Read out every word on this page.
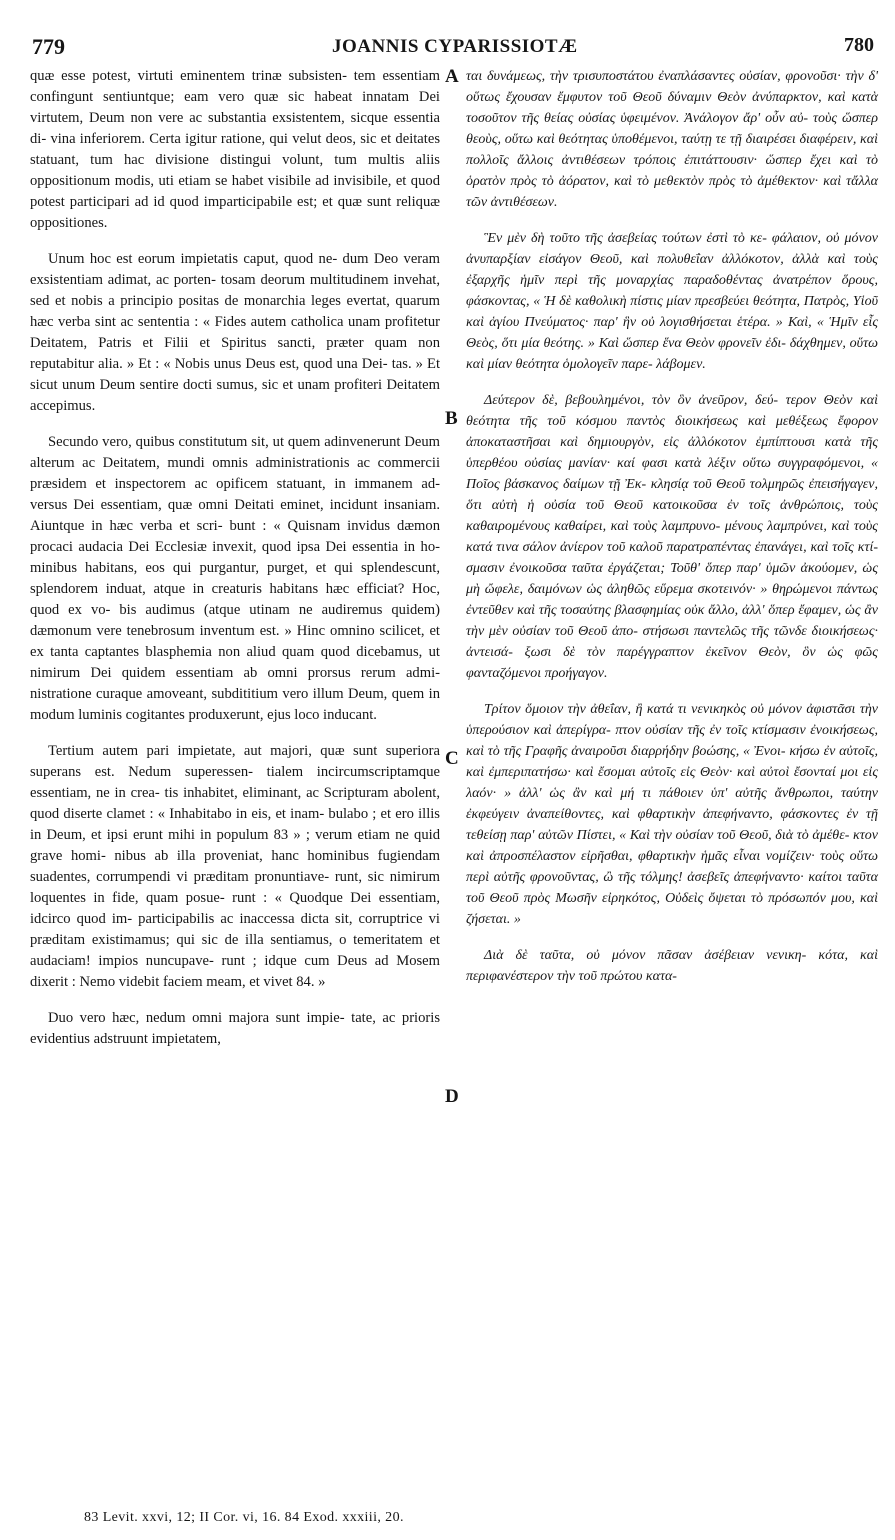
779	JOANNIS CYPARISSIOTÆ	780

quæ esse potest, virtuti eminentem trinæ subsisten- tem essentiam confingunt sentiuntque; eam vero quæ sic habeat innatam Dei virtutem, Deum non vere ac substantia exsistentem, sicque essentia di- vina inferiorem. Certa igitur ratione, qui velut deos, sic et deitates statuant, tum hac divisione distingui volunt, tum multis aliis oppositionum modis, uti etiam se habet visibile ad invisibile, et quod potest participari ad id quod imparticipabile est; et quæ sunt reliquæ oppositiones.

Unum hoc est eorum impietatis caput, quod ne- dum Deo veram exsistentiam adimat, ac porten- tosam deorum multitudinem invehat, sed et nobis a principio positas de monarchia leges evertat, quarum hæc verba sint ac sententia : « Fides autem catholica unam profitetur Deitatem, Patris et Filii et Spiritus sancti, præter quam non reputabitur alia. » Et : « Nobis unus Deus est, quod una Dei- tas. » Et sicut unum Deum sentire docti sumus, sic et unam profiteri Deitatem accepimus.

Secundo vero, quibus constitutum sit, ut quem adinvenerunt Deum alterum ac Deitatem, mundi omnis administrationis ac commercii præsidem et inspectorem ac opificem statuant, in immanem ad- versus Dei essentiam, quæ omni Deitati eminet, incidunt insaniam. Aiuntque in hæc verba et scri- bunt : « Quisnam invidus dæmon procaci audacia Dei Ecclesiæ invexit, quod ipsa Dei essentia in ho- minibus habitans, eos qui purgantur, purget, et qui splendescunt, splendorem induat, atque in creaturis habitans hæc efficiat? Hoc, quod ex vo- bis audimus (atque utinam ne audiremus quidem) dæmonum vere tenebrosum inventum est. » Hinc omnino scilicet, et ex tanta captantes blasphemia non aliud quam quod dicebamus, ut nimirum Dei quidem essentiam ab omni prorsus rerum admi- nistratione curaque amoveant, subdititium vero illum Deum, quem in modum luminis cogitantes produxerunt, ejus loco inducant.

Tertium autem pari impietate, aut majori, quæ sunt superiora superans est. Nedum superessen- tialem incircumscriptamque essentiam, ne in crea- tis inhabitet, eliminant, ac Scripturam abolent, quod diserte clamet : « Inhabitabo in eis, et inam- bulabo ; et ero illis in Deum, et ipsi erunt mihi in populum 83 » ; verum etiam ne quid grave homi- nibus ab illa proveniat, hanc hominibus fugiendam suadentes, corrumpendi vi præditam pronuntiave- runt, sic nimirum loquentes in fide, quam posue- runt : « Quodque Dei essentiam, idcirco quod im- participabilis ac inaccessa dicta sit, corruptrice vi præditam existimamus; qui sic de illa sentiamus, o temeritatem et audaciam! impios nuncupave- runt ; idque cum Deus ad Mosem dixerit : Nemo videbit faciem meam, et vivet 84. »

Duo vero hæc, nedum omni majora sunt impie- tate, ac prioris evidentius adstruunt impietatem,

A
B
C
D

ται δυνάμεως, τὴν τρισυποστάτου ἐναπλάσαντες οὐσίαν, φρονοῦσι· τὴν δ' οὕτως ἔχουσαν ἔμφυτον τοῦ Θεοῦ δύναμιν Θεὸν ἀνύπαρκτον, καὶ κατὰ τοσοῦτον τῆς θείας οὐσίας ὑφειμένον. Ἀνάλογον ἄρ' οὖν αὐ- τοὺς ὥσπερ θεοὺς, οὕτω καὶ θεότητας ὑποθέμενοι, ταύτῃ τε τῇ διαιρέσει διαφέρειν, καὶ πολλοῖς ἄλλοις ἀντιθέσεων τρόποις ἐπιτάττουσιν· ὥσπερ ἔχει καὶ τὸ ὁρατὸν πρὸς τὸ ἀόρατον, καὶ τὸ μεθεκτὸν πρὸς τὸ ἀμέθεκτον· καὶ τἄλλα τῶν ἀντιθέσεων.

Ἓν μὲν δὴ τοῦτο τῆς ἀσεβείας τούτων ἐστὶ τὸ κε- φάλαιον, οὐ μόνον ἀνυπαρξίαν εἰσάγον Θεοῦ, καὶ πολυθεΐαν ἀλλόκοτον, ἀλλὰ καὶ τοὺς ἐξαρχῆς ἡμῖν περὶ τῆς μοναρχίας παραδοθέντας ἀνατρέπον ὅρους, φάσκοντας, « Ἡ δὲ καθολικὴ πίστις μίαν πρεσβεύει θεότητα, Πατρὸς, Υἱοῦ καὶ ἁγίου Πνεύματος· παρ' ἣν οὐ λογισθήσεται ἑτέρα. » Καὶ, « Ἡμῖν εἷς Θεὸς, ὅτι μία θεότης. » Καὶ ὥσπερ ἕνα Θεὸν φρονεῖν ἐδι- δάχθημεν, οὕτω καὶ μίαν θεότητα ὁμολογεῖν παρε- λάβομεν.

Δεύτερον δὲ, βεβουλημένοι, τὸν ὃν ἀνεῦρον, δεύ- τερον Θεὸν καὶ θεότητα τῆς τοῦ κόσμου παντὸς διοικήσεως καὶ μεθέξεως ἔφορον ἀποκαταστῆσαι καὶ δημιουργὸν, εἰς ἀλλόκοτον ἐμπίπτουσι κατὰ τῆς ὑπερθέου οὐσίας μανίαν· καί φασι κατὰ λέξιν οὕτω συγγραφόμενοι, « Ποῖος βάσκανος δαίμων τῇ Ἐκ- κλησίᾳ τοῦ Θεοῦ τολμηρῶς ἐπεισήγαγεν, ὅτι αὐτὴ ἡ οὐσία τοῦ Θεοῦ κατοικοῦσα ἐν τοῖς ἀνθρώποις, τοὺς καθαιρομένους καθαίρει, καὶ τοὺς λαμπρυνο- μένους λαμπρύνει, καὶ τοὺς κατά τινα σάλον ἀνίερον τοῦ καλοῦ παρατραπέντας ἐπανάγει, καὶ τοῖς κτί- σμασιν ἐνοικοῦσα ταῦτα ἐργάζεται; Τοῦθ' ὅπερ παρ' ὑμῶν ἀκούομεν, ὡς μὴ ὤφελε, δαιμόνων ὡς ἀληθῶς εὕρεμα σκοτεινόν· » θηρώμενοι πάντως ἐντεῦθεν καὶ τῆς τοσαύτης βλασφημίας οὐκ ἄλλο, ἀλλ' ὅπερ ἔφαμεν, ὡς ἂν τὴν μὲν οὐσίαν τοῦ Θεοῦ ἀπο- στήσωσι παντελῶς τῆς τῶνδε διοικήσεως· ἀντεισά- ξωσι δὲ τὸν παρέγγραπτον ἐκεῖνον Θεὸν, ὃν ὡς φῶς φανταζόμενοι προήγαγον.

Τρίτον ὅμοιον τὴν ἀθεΐαν, ἢ κατά τι νενικηκὸς οὐ μόνον ἀφιστᾶσι τὴν ὑπερούσιον καὶ ἀπερίγρα- πτον οὐσίαν τῆς ἐν τοῖς κτίσμασιν ἐνοικήσεως, καὶ τὸ τῆς Γραφῆς ἀναιροῦσι διαρρήδην βοώσης, « Ἐνοι- κήσω ἐν αὐτοῖς, καὶ ἐμπεριπατήσω· καὶ ἔσομαι αὐτοῖς εἰς Θεὸν· καὶ αὐτοὶ ἔσονταί μοι εἰς λαόν· » ἀλλ' ὡς ἂν καὶ μή τι πάθοιεν ὑπ' αὐτῆς ἄνθρωποι, ταύτην ἐκφεύγειν ἀναπείθοντες, καὶ φθαρτικὴν ἀπεφήναντο, φάσκοντες ἐν τῇ τεθείσῃ παρ' αὐτῶν Πίστει, « Καὶ τὴν οὐσίαν τοῦ Θεοῦ, διὰ τὸ ἀμέθε- κτον καὶ ἀπροσπέλαστον εἰρῆσθαι, φθαρτικὴν ἡμᾶς εἶναι νομίζειν· τοὺς οὕτω περὶ αὐτῆς φρονοῦντας, ὢ τῆς τόλμης! ἀσεβεῖς ἀπεφήναντο· καίτοι ταῦτα τοῦ Θεοῦ πρὸς Μωσῆν εἰρηκότος, Οὐδεὶς ὄψεται τὸ πρόσωπόν μου, καὶ ζήσεται. »

Διὰ δὲ ταῦτα, οὐ μόνον πᾶσαν ἀσέβειαν νενικη- κότα, καὶ περιφανέστερον τὴν τοῦ πρώτου κατα-

83 Levit. xxvi, 12; II Cor. vi, 16. 84 Exod. xxxiii, 20.
